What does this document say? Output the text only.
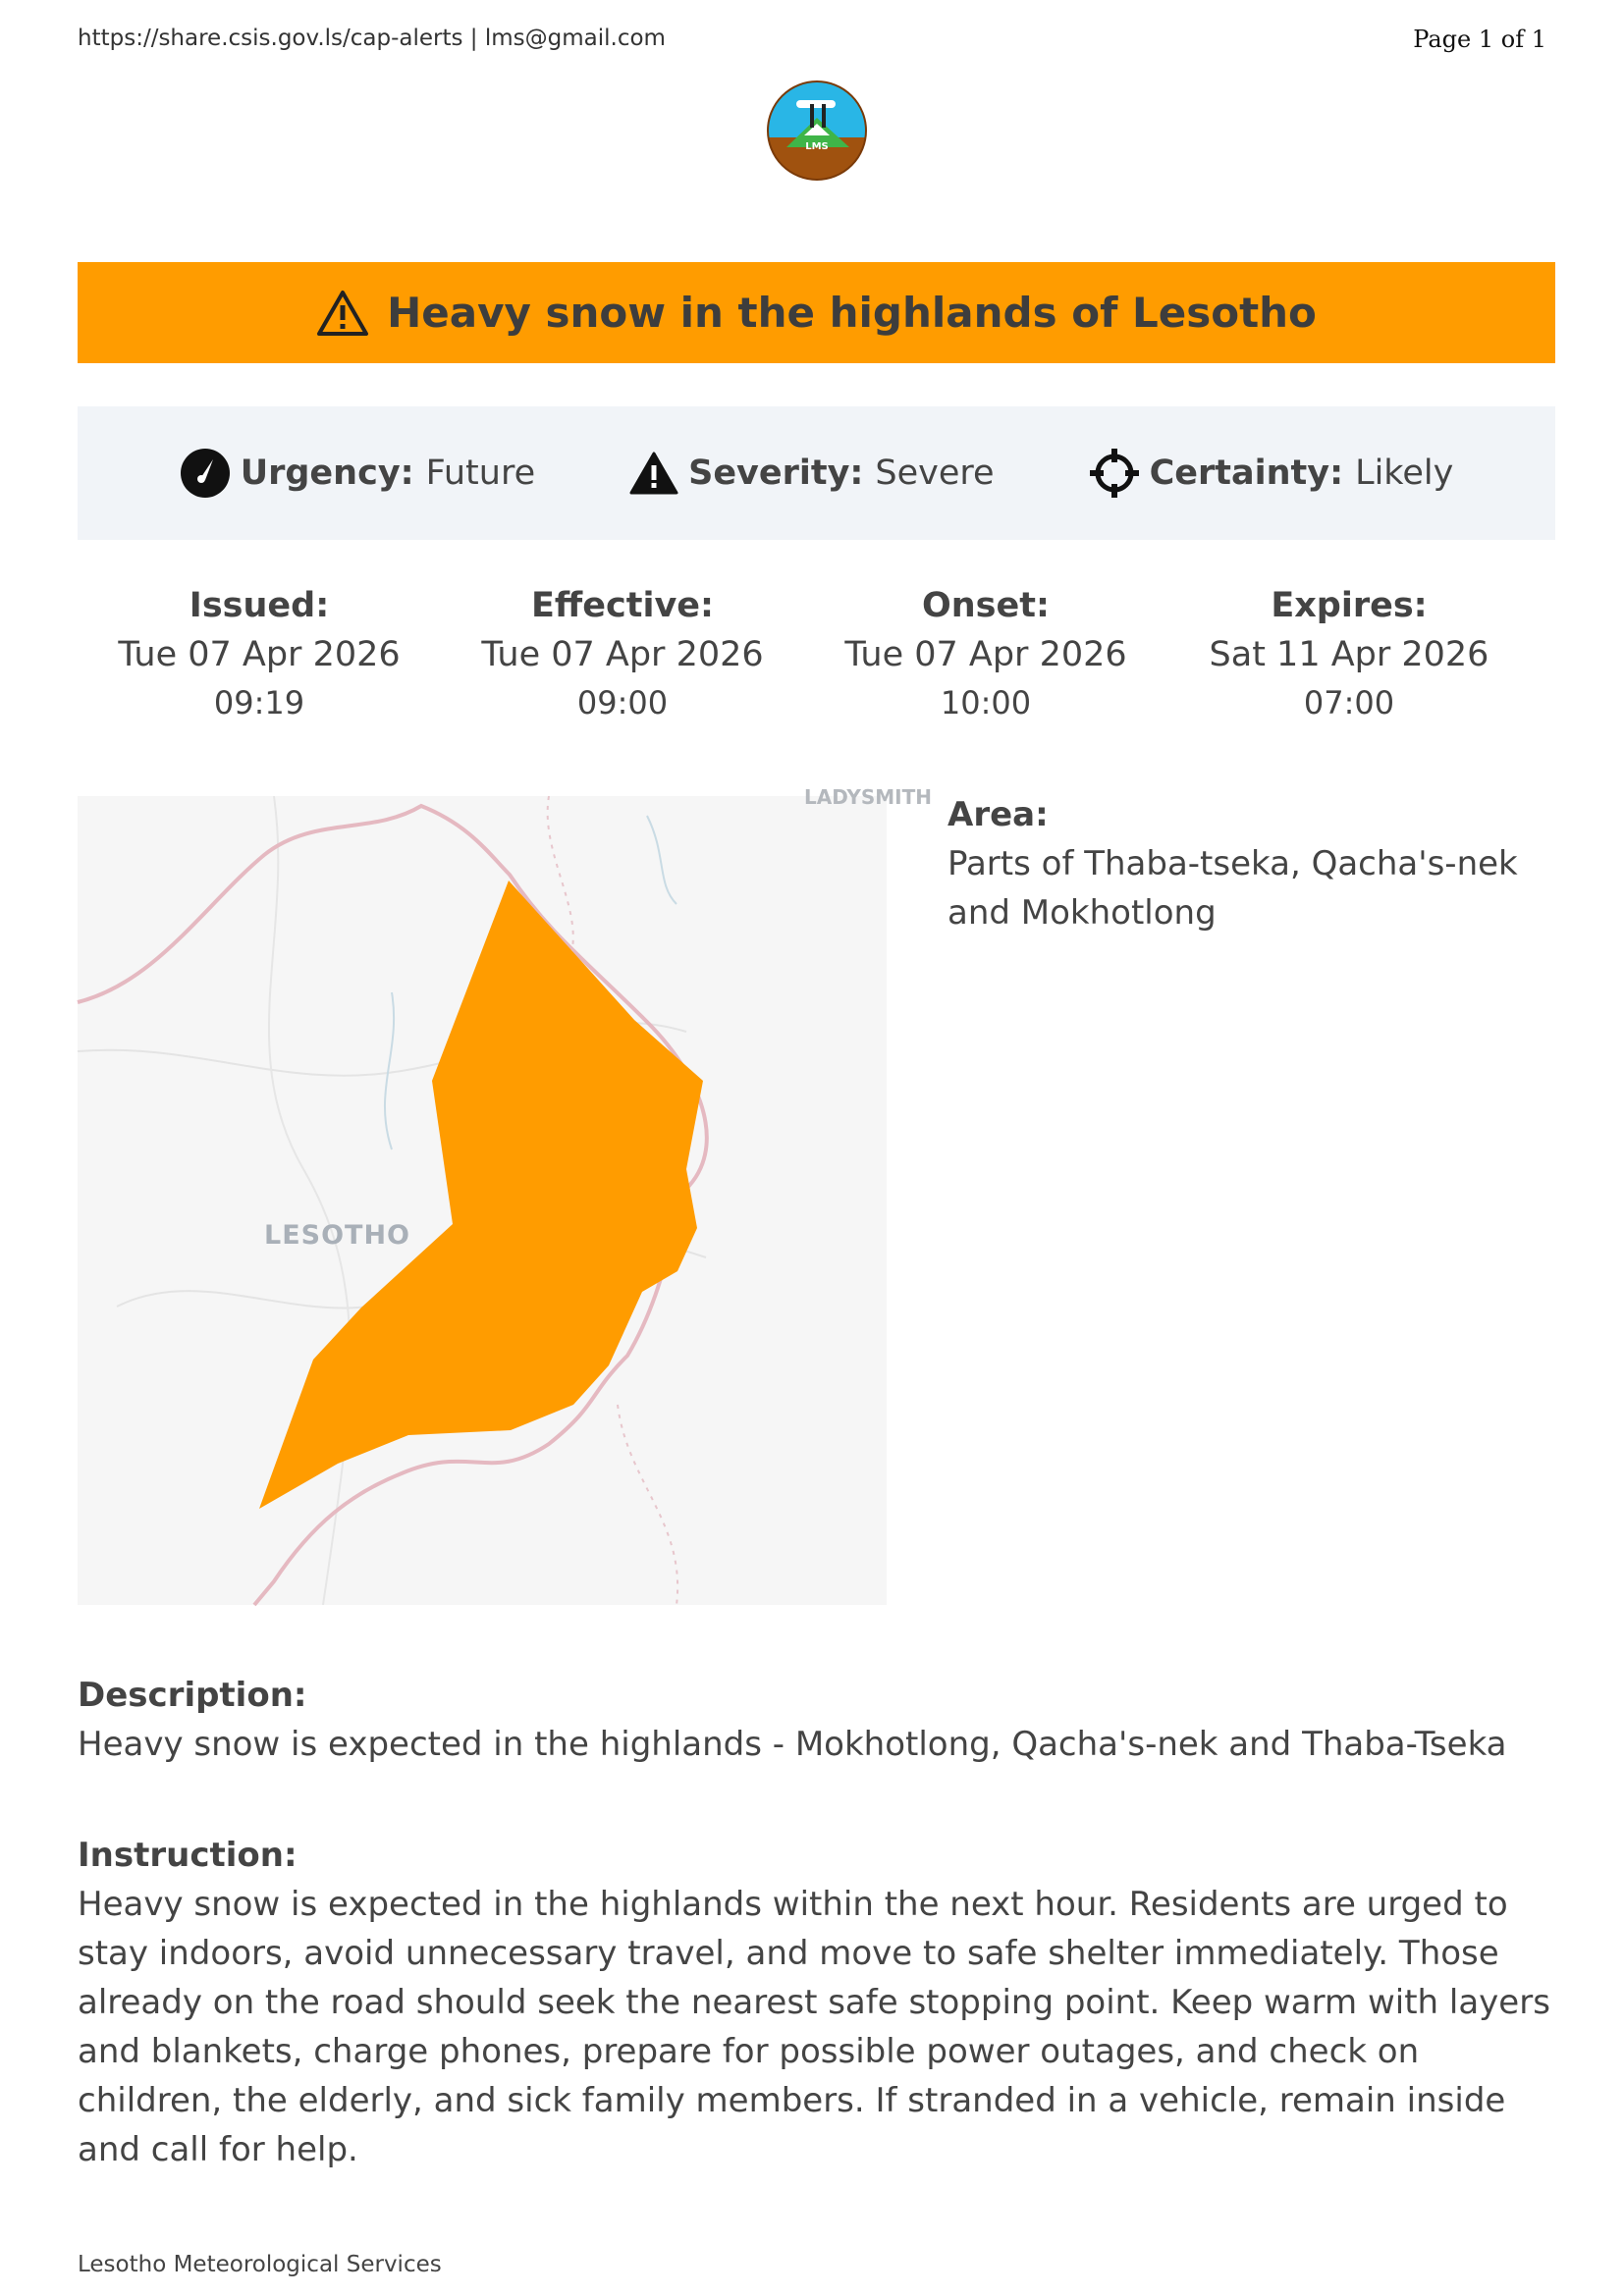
https://share.csis.gov.ls/cap-alerts | lms@gmail.com	Page 1 of 1
LMS
Heavy snow in the highlands of Lesotho
Urgency: Future	Severity: Severe	Certainty: Likely
Issued:
Tue 07 Apr 2026
09:19
Effective:
Tue 07 Apr 2026
09:00
Onset:
Tue 07 Apr 2026
10:00
Expires:
Sat 11 Apr 2026
07:00
LESOTHO
LADYSMITH Area:
Parts of Thaba-tseka, Qacha's-nek and Mokhotlong
Description:
Heavy snow is expected in the highlands - Mokhotlong, Qacha's-nek and Thaba-Tseka
Instruction:
Heavy snow is expected in the highlands within the next hour. Residents are urged to stay indoors, avoid unnecessary travel, and move to safe shelter immediately. Those already on the road should seek the nearest safe stopping point. Keep warm with layers and blankets, charge phones, prepare for possible power outages, and check on children, the elderly, and sick family members. If stranded in a vehicle, remain inside and call for help.
Lesotho Meteorological Services
